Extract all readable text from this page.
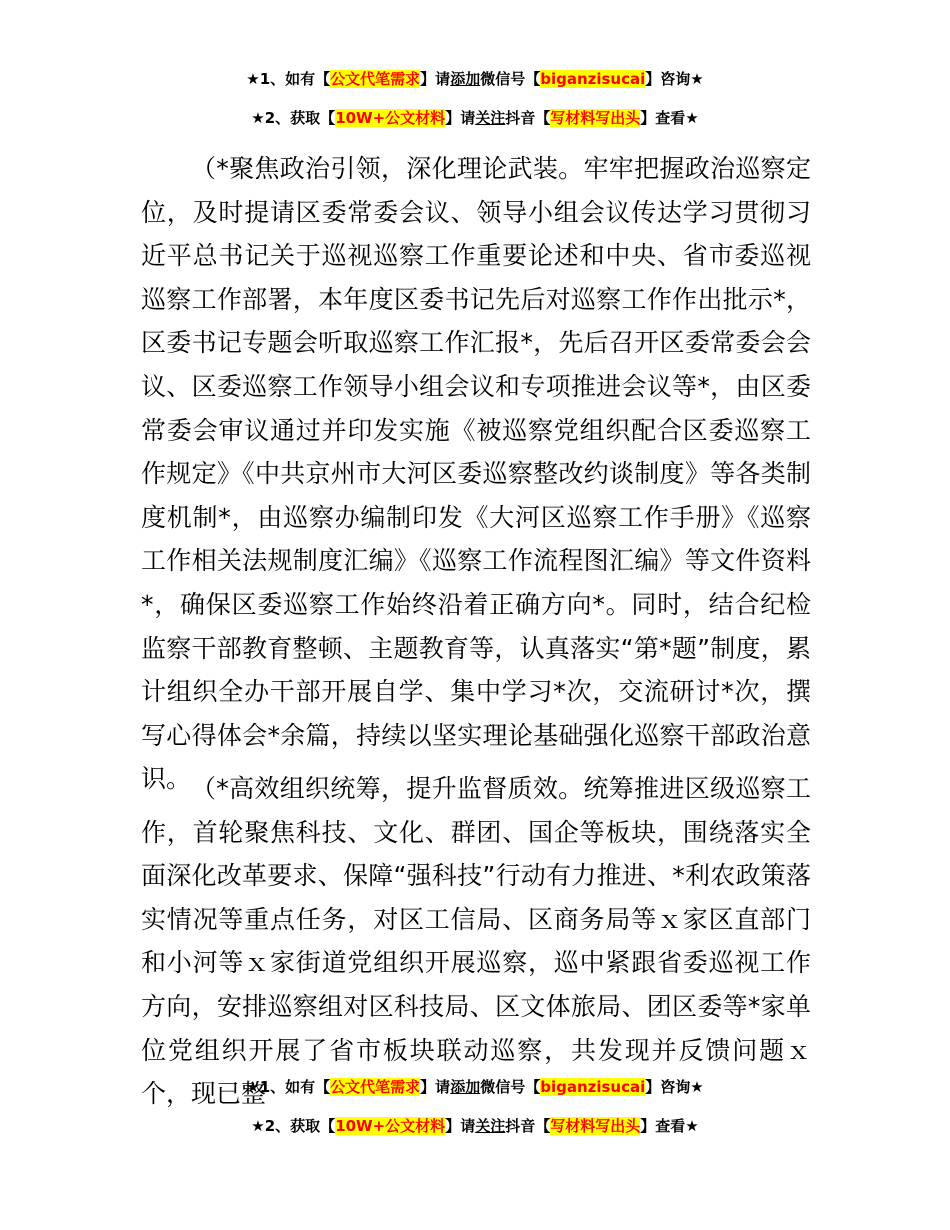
★1、如有【公文代笔需求】请添加微信号【biganzisucai】咨询★
★2、获取【10W+公文材料】请关注抖音【写材料写出头】查看★

（*聚焦政治引领，深化理论武装。牢牢把握政治巡察定位，及时提请区委常委会议、领导小组会议传达学习贯彻习近平总书记关于巡视巡察工作重要论述和中央、省市委巡视巡察工作部署，本年度区委书记先后对巡察工作作出批示*，区委书记专题会听取巡察工作汇报*，先后召开区委常委会会议、区委巡察工作领导小组会议和专项推进会议等*，由区委常委会审议通过并印发实施《被巡察党组织配合区委巡察工作规定》《中共京州市大河区委巡察整改约谈制度》等各类制度机制*，由巡察办编制印发《大河区巡察工作手册》《巡察工作相关法规制度汇编》《巡察工作流程图汇编》等文件资料*，确保区委巡察工作始终沿着正确方向*。同时，结合纪检监察干部教育整顿、主题教育等，认真落实“第*题”制度，累计组织全办干部开展自学、集中学习*次，交流研讨*次，撰写心得体会*余篇，持续以坚实理论基础强化巡察干部政治意识。 （*高效组织统筹，提升监督质效。统筹推进区级巡察工作，首轮聚焦科技、文化、群团、国企等板块，围绕落实全面深化改革要求、保障“强科技”行动有力推进、*利农政策落实情况等重点任务，对区工信局、区商务局等ｘ家区直部门和小河等ｘ家街道党组织开展巡察，巡中紧跟省委巡视工作方向，安排巡察组对区科技局、区文体旅局、团区委等*家单位党组织开展了省市板块联动巡察，共发现并反馈问题ｘ个，现已整

★1、如有【公文代笔需求】请添加微信号【biganzisucai】咨询★
★2、获取【10W+公文材料】请关注抖音【写材料写出头】查看★
